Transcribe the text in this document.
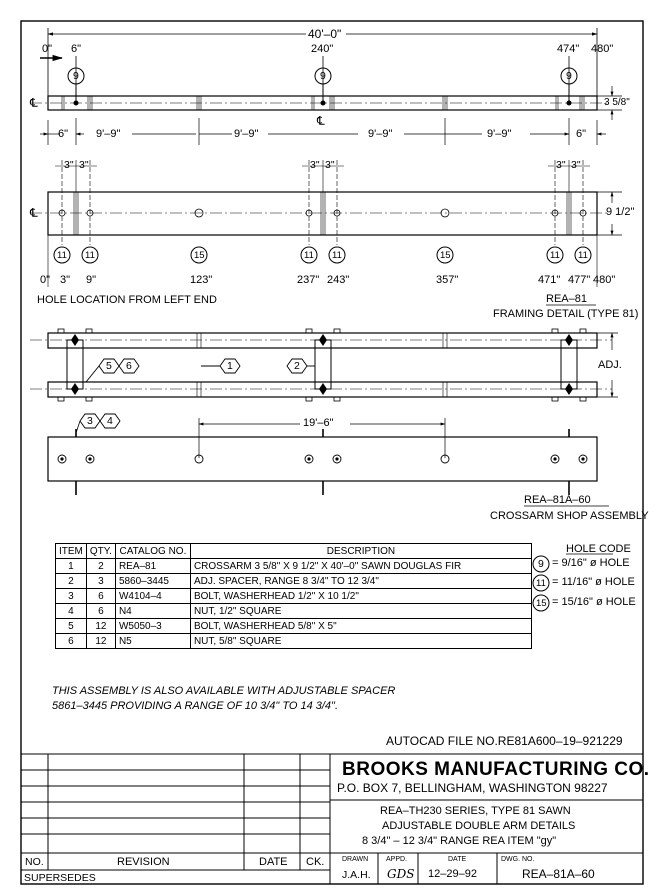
40'–0"
0" 6"	240"	474" 480"
9	9	9
℄
℄
3 5/8"
6"	9'–9"	9'–9"	9'–9"	9'–9"	6"
3" 3"	3" 3"	3" 3"
℄	9 1/2"
11 11	15	11 11	15	11 11
0" 3" 9"	123"	237" 243"	357"	471" 477" 480"
HOLE LOCATION FROM LEFT END	REA–81
FRAMING DETAIL (TYPE 81)
5 6	1	2	ADJ.
3 4	19'–6"
REA–81A–60
CROSSARM SHOP ASSEMBLY
ITEM	QTY.	CATALOG NO.	DESCRIPTION
1	2	REA–81	CROSSARM 3 5/8" X 9 1/2" X 40'–0" SAWN DOUGLAS FIR
2	3	5860–3445	ADJ. SPACER, RANGE 8 3/4" TO 12 3/4"
3	6	W4104–4	BOLT, WASHERHEAD 1/2" X 10 1/2"
4	6	N4	NUT, 1/2" SQUARE
5	12	W5050–3	BOLT, WASHERHEAD 5/8" X 5"
6	12	N5	NUT, 5/8" SQUARE
HOLE CODE
9 = 9/16" ø HOLE
11 = 11/16" ø HOLE
15 = 15/16" ø HOLE
THIS ASSEMBLY IS ALSO AVAILABLE WITH ADJUSTABLE SPACER
5861–3445 PROVIDING A RANGE OF 10 3/4" TO 14 3/4".
AUTOCAD FILE NO.RE81A600–19–921229
BROOKS MANUFACTURING CO.
P.O. BOX 7, BELLINGHAM, WASHINGTON 98227
REA–TH230 SERIES, TYPE 81 SAWN
ADJUSTABLE DOUBLE ARM DETAILS
8 3/4" – 12 3/4" RANGE REA ITEM "gy"
NO.	REVISION	DATE CK.
SUPERSEDES
DRAWN
J.A.H.
APPD.
GDS
DATE
12–29–92
DWG. NO.
REA–81A–60
